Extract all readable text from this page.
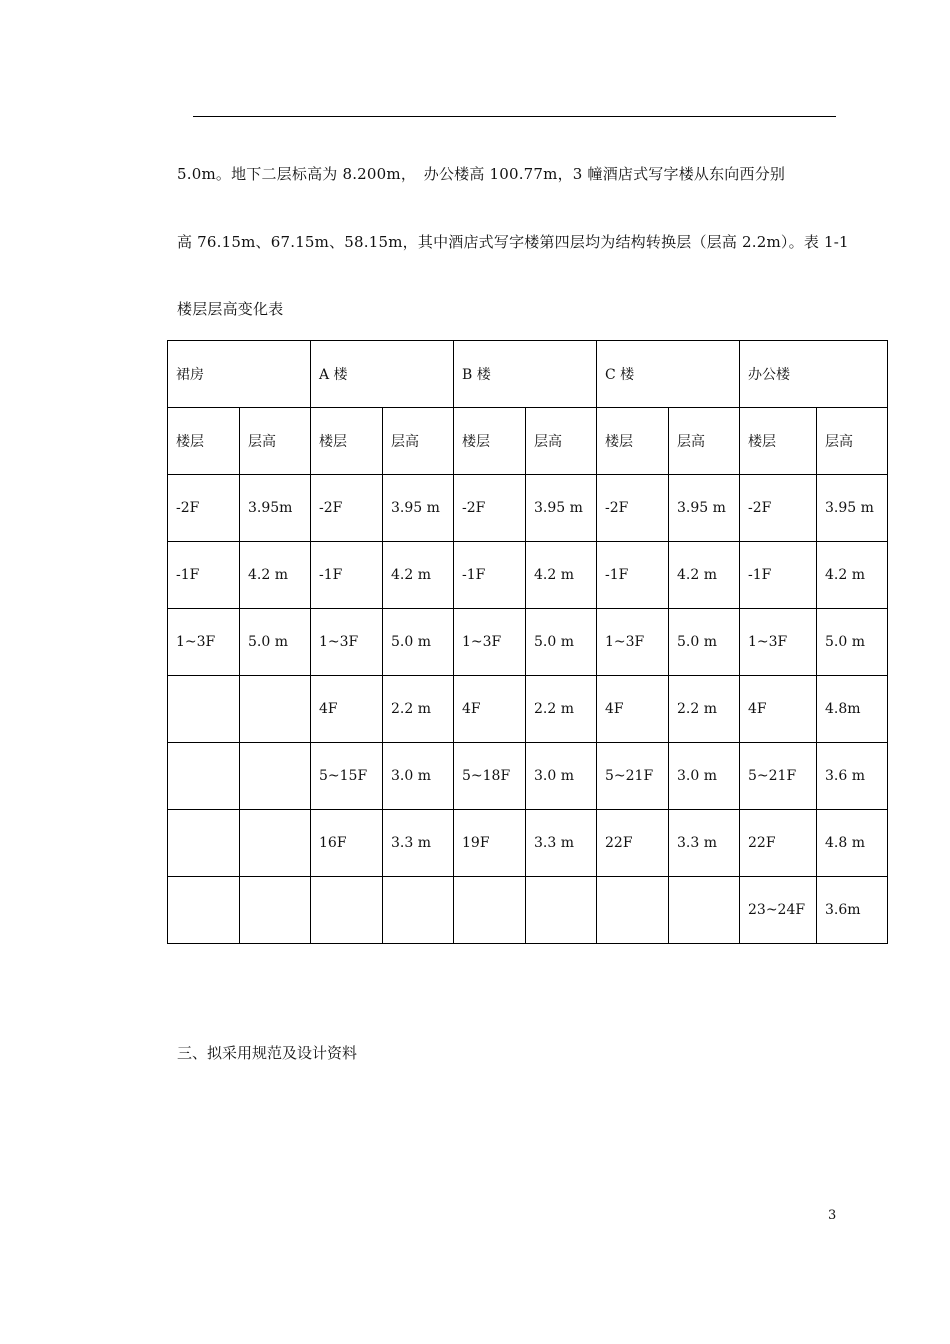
5.0m。地下二层标高为 8.200m，　办公楼高 100.77m，3 幢酒店式写字楼从东向西分别
高 76.15m、67.15m、58.15m，其中酒店式写字楼第四层均为结构转换层（层高 2.2m）。表 1-1
楼层层高变化表
裙房		A 楼		B 楼		C 楼		办公楼	
楼层	层高	楼层	层高	楼层	层高	楼层	层高	楼层	层高
-2F	3.95m	-2F	3.95 m	-2F	3.95 m	-2F	3.95 m	-2F	3.95 m
-1F	4.2 m	-1F	4.2 m	-1F	4.2 m	-1F	4.2 m	-1F	4.2 m
1~3F	5.0 m	1~3F	5.0 m	1~3F	5.0 m	1~3F	5.0 m	1~3F	5.0 m
		4F	2.2 m	4F	2.2 m	4F	2.2 m	4F	4.8m
		5~15F	3.0 m	5~18F	3.0 m	5~21F	3.0 m	5~21F	3.6 m
		16F	3.3 m	19F	3.3 m	22F	3.3 m	22F	4.8 m
								23~24F	3.6m
三、拟采用规范及设计资料
3
